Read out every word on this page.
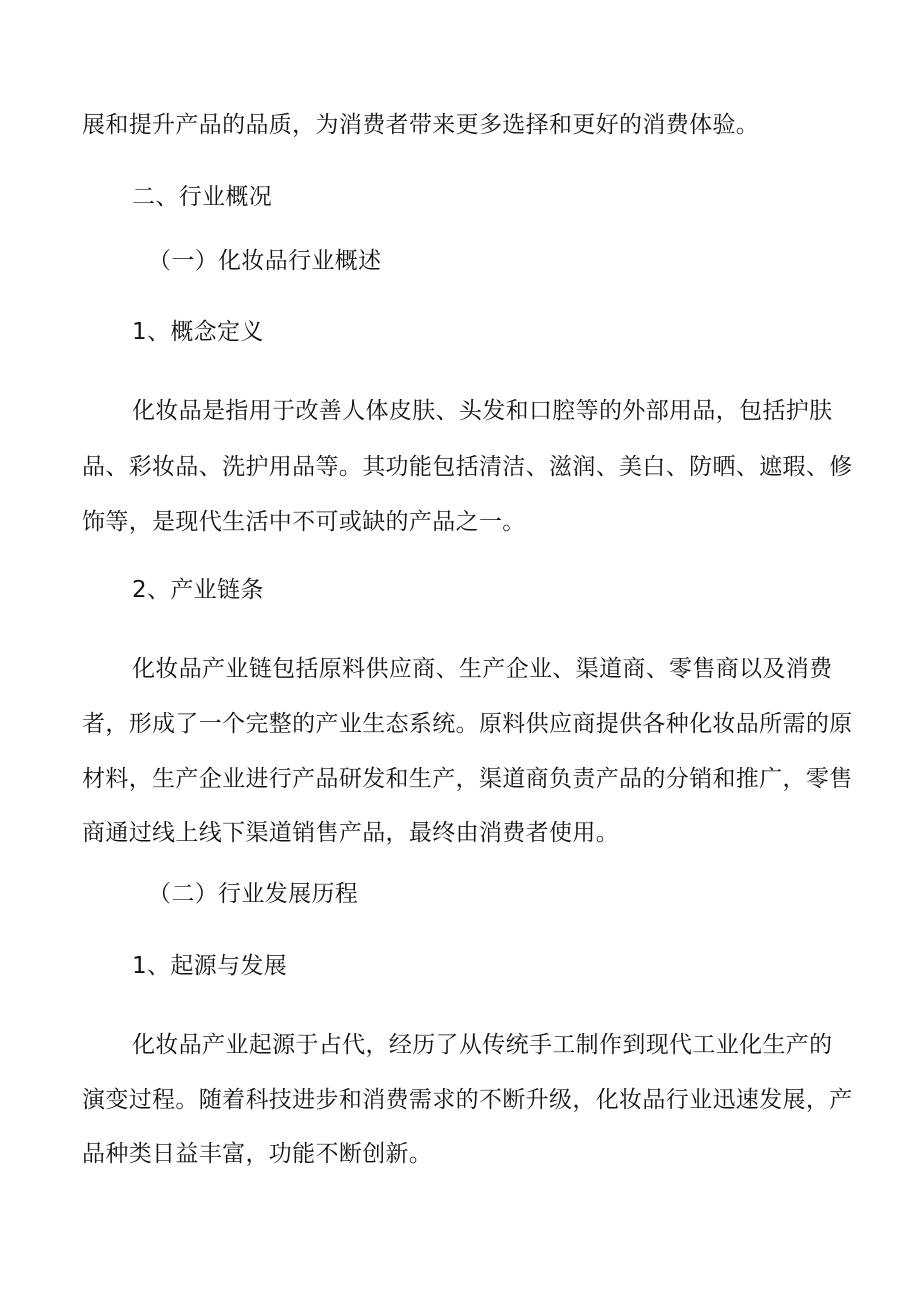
展和提升产品的品质，为消费者带来更多选择和更好的消费体验。

二、行业概况

（一）化妆品行业概述

1、概念定义

化妆品是指用于改善人体皮肤、头发和口腔等的外部用品，包括护肤

品、彩妆品、洗护用品等。其功能包括清洁、滋润、美白、防晒、遮瑕、修

饰等，是现代生活中不可或缺的产品之一。

2、产业链条

化妆品产业链包括原料供应商、生产企业、渠道商、零售商以及消费

者，形成了一个完整的产业生态系统。原料供应商提供各种化妆品所需的原

材料，生产企业进行产品研发和生产，渠道商负责产品的分销和推广，零售

商通过线上线下渠道销售产品，最终由消费者使用。

（二）行业发展历程

1、起源与发展

化妆品产业起源于占代，经历了从传统手工制作到现代工业化生产的

演变过程。随着科技进步和消费需求的不断升级，化妆品行业迅速发展，产

品种类日益丰富，功能不断创新。
